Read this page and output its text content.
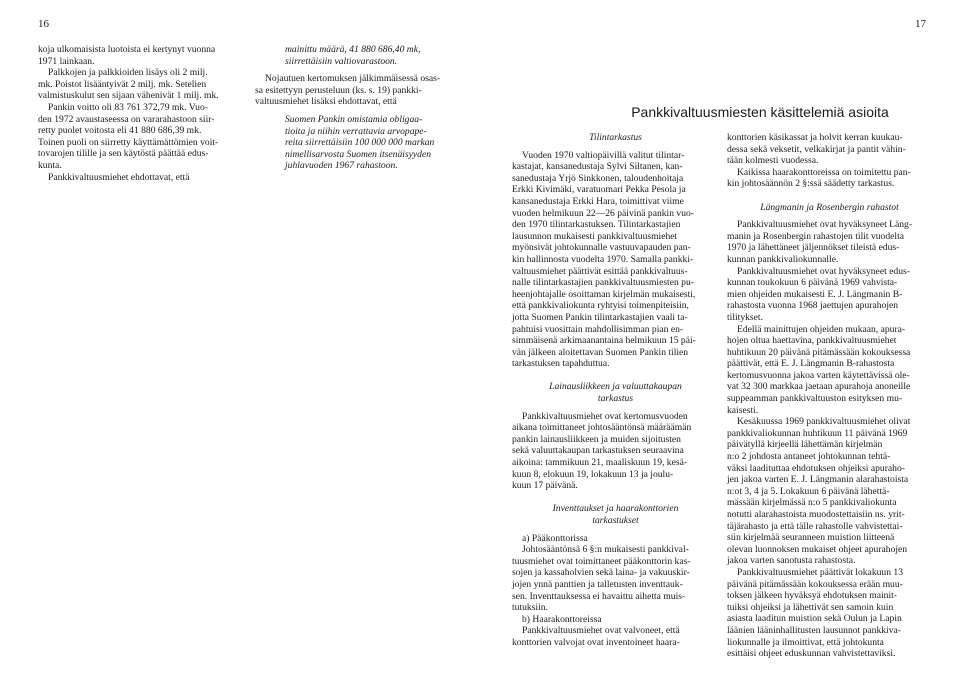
16	17

koja ulkomaisista luotoista ei kertynyt vuonna

1971 lainkaan.

Palkkojen ja palkkioiden lisäys oli 2 milj.

mk. Poistot lisääntyivät 2 milj. mk. Setelien

valmistuskulut sen sijaan vähenivät 1 milj. mk.

Pankin voitto oli 83 761 372,79 mk. Vuo-

den 1972 avaustaseessa on vararahastoon siir-

retty puolet voitosta eli 41 880 686,39 mk.

Toinen puoli on siirretty käyttämättömien voit-

tovarojen tilille ja sen käytöstä päättää edus-

kunta.

Pankkivaltuusmiehet ehdottavat, että

mainittu määrä, 41 880 686,40 mk,

siirrettäisiin valtiovarastoon.

Nojautuen kertomuksen jälkimmäisessä osas-

sa esitettyyn perusteluun (ks. s. 19) pankki-

valtuusmiehet lisäksi ehdottavat, että

Suomen Pankin omistamia obligaa-

tioita ja niihin verrattavia arvopape-

reita siirrettäisiin 100 000 000 markan

nimellisarvosta Suomen itsenäisyyden

juhlavuoden 1967 rahastoon.

Pankkivaltuusmiesten käsittelemiä asioita

Tilintarkastus

Vuoden 1970 valtiopäivillä valitut tilintar-

kastajat, kansanedustaja Sylvi Siltanen, kan-

sanedustaja Yrjö Sinkkonen, taloudenhoitaja

Erkki Kivimäki, varatuomari Pekka Pesola ja

kansanedustaja Erkki Hara, toimittivat viime

vuoden helmikuun 22—26 päivinä pankin vuo-

den 1970 tilintarkastuksen. Tilintarkastajien

lausunnon mukaisesti pankkivaltuusmiehet

myönsivät johtokunnalle vastuuvapauden pan-

kin hallinnosta vuodelta 1970. Samalla pankki-

valtuusmiehet päättivät esittää pankkivaltuus-

nalle tilintarkastajien pankkivaltuusmiesten pu-

heenjohtajalle osoittaman kirjelmän mukaisesti,

että pankkivaliokunta ryhtyisi toimenpiteisiin,

jotta Suomen Pankin tilintarkastajien vaali ta-

pahtuisi vuosittain mahdollisimman pian en-

simmäisenä arkimaanantaina helmikuun 15 päi-

vän jälkeen aloitettavan Suomen Pankin tilien

tarkastuksen tapahduttua.

Lainausliikkeen ja valuuttakaupan

tarkastus

Pankkivaltuusmiehet ovat kertomusvuoden

aikana toimittaneet johtosääntönsä määräämän

pankin lainausliikkeen ja muiden sijoitusten

sekä valuuttakaupan tarkastuksen seuraavina

aikoina: tammikuun 21, maaliskuun 19, kesä-

kuun 8, elokuun 19, lokakuun 13 ja joulu-

kuun 17 päivänä.

Inventtaukset ja haarakonttorien

tarkastukset

a) Pääkonttorissa

Johtosääntönsä 6 §:n mukaisesti pankkival-

tuusmiehet ovat toimittaneet pääkonttorin kas-

sojen ja kassaholvien sekä laina- ja vakuuskir-

jojen ynnä panttien ja talletusten inventtauk-

sen. Inventtauksessa ei havaittu aihetta muis-

tutuksiin.

b) Haarakonttoreissa

Pankkivaltuusmiehet ovat valvoneet, että

konttorien valvojat ovat inventoineet haara-

konttorien käsikassat ja holvit kerran kuukau-

dessa sekä veksetit, velkakirjat ja pantit vähin-

tään kolmesti vuodessa.

Kaikissa haarakonttoreissa on toimitettu pan-

kin johtosäännön 2 §:ssä säädetty tarkastus.

Längmanin ja Rosenbergin rahastot

Pankkivaltuusmiehet ovat hyväksyneet Läng-

manin ja Rosenbergin rahastojen tilit vuodelta

1970 ja lähettäneet jäljennökset tileistä edus-

kunnan pankkivaliokunnalle.

Pankkivaltuusmiehet ovat hyväksyneet edus-

kunnan toukokuun 6 päivänä 1969 vahvista-

mien ohjeiden mukaisesti E. J. Längmanin B-

rahastosta vuonna 1968 jaettujen apurahojen

tilitykset.

Edellä mainittujen ohjeiden mukaan, apura-

hojen oltua haettavina, pankkivaltuusmiehet

huhtikuun 20 päivänä pitämässään kokouksessa

päättivät, että E. J. Längmanin B-rahastosta

kertomusvuonna jakoa varten käytettävissä ole-

vat 32 300 markkaa jaetaan apurahoja anoneille

suppeamman pankkivaltuuston esityksen mu-

kaisesti.

Kesäkuussa 1969 pankkivaltuusmiehet olivat

pankkivaliokunnan huhtikuun 11 päivänä 1969

päivätyllä kirjeellä lähettämän kirjelmän

n:o 2 johdosta antaneet johtokunnan tehtä-

väksi laadituttaa ehdotuksen ohjeiksi apuraho-

jen jakoa varten E. J. Längmanin alarahastoista

n:ot 3, 4 ja 5. Lokakuun 6 päivänä lähettä-

mässään kirjelmässä n:o 5 pankkivaliokunta

notutti alarahastoista muodostettaisiin ns. yrit-

täjärahasto ja että tälle rahastolle vahvistettai-

siin kirjelmää seuranneen muistion liitteenä

olevan luonnoksen mukaiset ohjeet apurahojen

jakoa varten sanotusta rahastosta.

Pankkivaltuusmiehet päättivät lokakuun 13

päivänä pitämässään kokouksessa erään muu-

toksen jälkeen hyväksyä ehdotuksen mainit-

tuiksi ohjeiksi ja lähettivät sen samoin kuin

asiasta laaditun muistion sekä Oulun ja Lapin

läänien lääninhallitusten lausunnot pankkiva-

liokunnalle ja ilmoittivat, että johtokunta

esittäisi ohjeet eduskunnan vahvistettaviksi.
